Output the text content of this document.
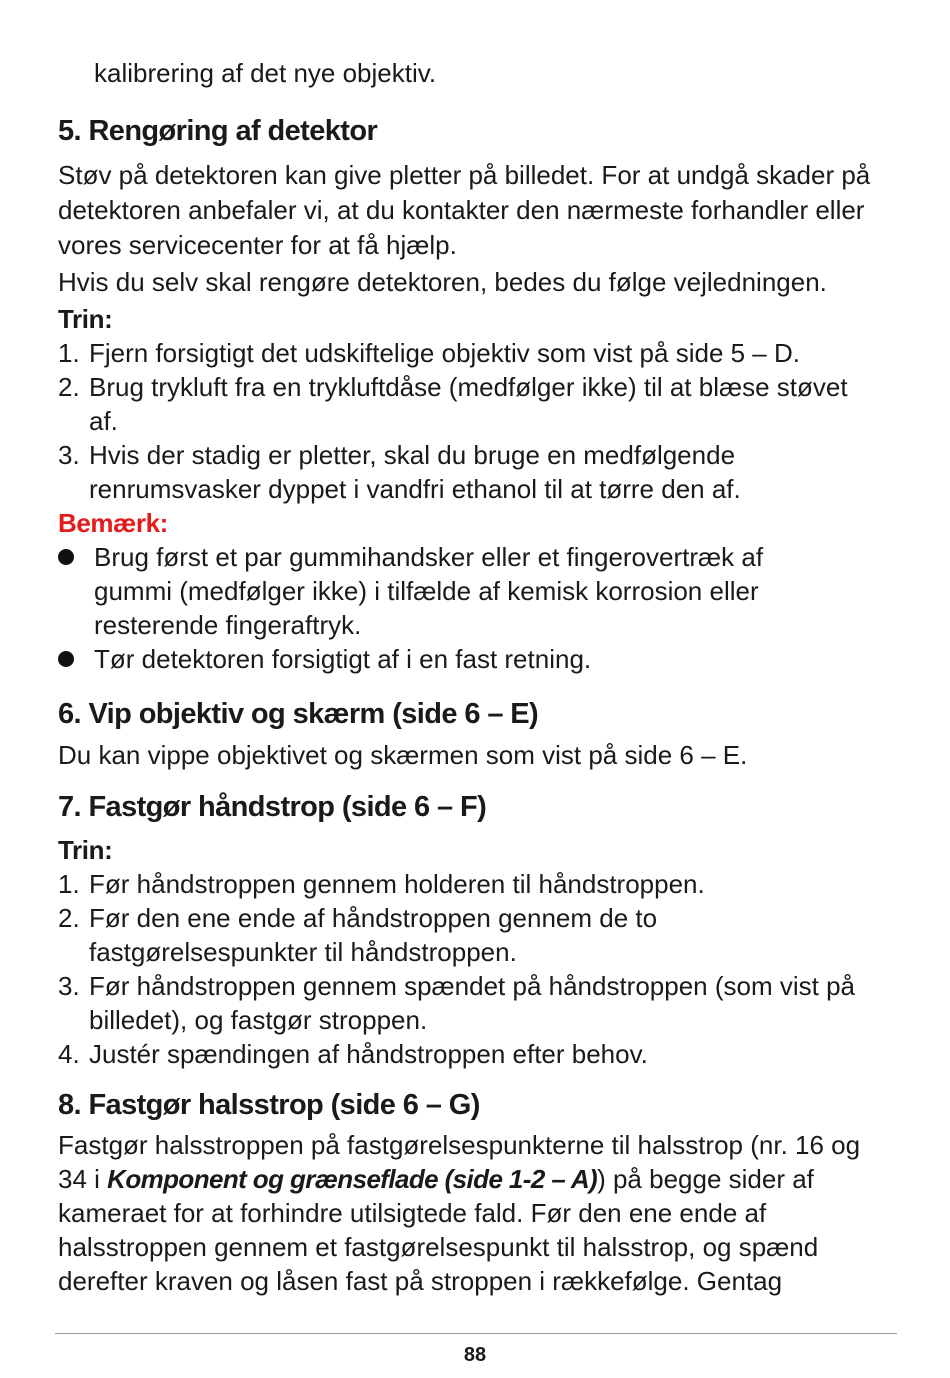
kalibrering af det nye objektiv.

5. Rengøring af detektor

Støv på detektoren kan give pletter på billedet. For at undgå skader på detektoren anbefaler vi, at du kontakter den nærmeste forhandler eller vores servicecenter for at få hjælp.

Hvis du selv skal rengøre detektoren, bedes du følge vejledningen.

Trin:

1. Fjern forsigtigt det udskiftelige objektiv som vist på side 5 – D.
2. Brug trykluft fra en trykluftdåse (medfølger ikke) til at blæse støvet af.
3. Hvis der stadig er pletter, skal du bruge en medfølgende renrumsvasker dyppet i vandfri ethanol til at tørre den af.

Bemærk:

Brug først et par gummihandsker eller et fingerovertræk af gummi (medfølger ikke) i tilfælde af kemisk korrosion eller resterende fingeraftryk.
Tør detektoren forsigtigt af i en fast retning.
6. Vip objektiv og skærm (side 6 – E)

Du kan vippe objektivet og skærmen som vist på side 6 – E.

7. Fastgør håndstrop (side 6 – F)

Trin:

1. Før håndstroppen gennem holderen til håndstroppen.
2. Før den ene ende af håndstroppen gennem de to fastgørelsespunkter til håndstroppen.
3. Før håndstroppen gennem spændet på håndstroppen (som vist på billedet), og fastgør stroppen.
4. Justér spændingen af håndstroppen efter behov.
8. Fastgør halsstrop (side 6 – G)

Fastgør halsstroppen på fastgørelsespunkterne til halsstrop (nr. 16 og 34 i Komponent og grænseflade (side 1-2 – A)) på begge sider af kameraet for at forhindre utilsigtede fald. Før den ene ende af halsstroppen gennem et fastgørelsespunkt til halsstrop, og spænd derefter kraven og låsen fast på stroppen i rækkefølge. Gentag

88
